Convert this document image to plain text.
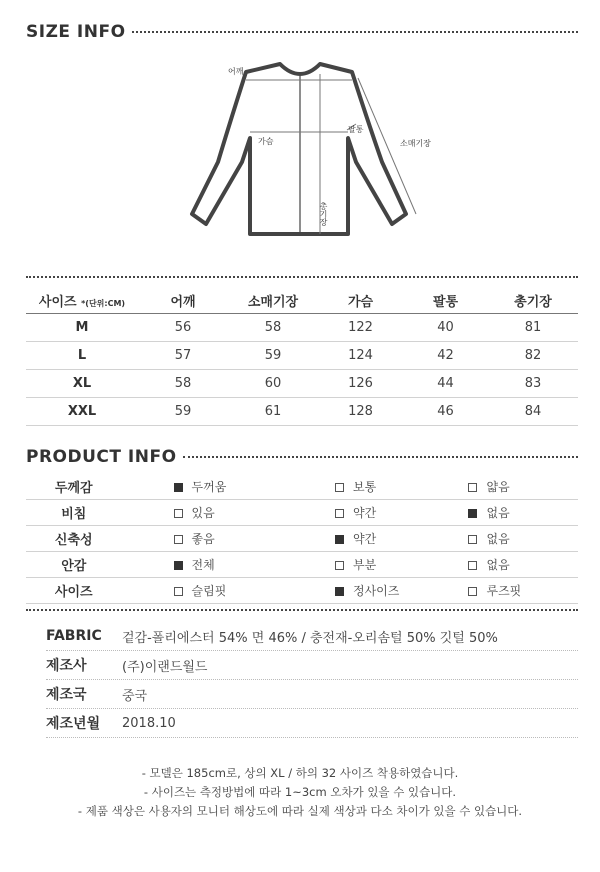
SIZE INFO
어깨
가슴
팔통
소매기장
총기장
사이즈 *(단위:CM)	어깨	소매기장	가슴	팔통	총기장
M	56	58	122	40	81
L	57	59	124	42	82
XL	58	60	126	44	83
XXL	59	61	128	46	84
PRODUCT INFO
두께감	두꺼움	보통	얇음
비침	있음	약간	없음
신축성	좋음	약간	없음
안감	전체	부분	없음
사이즈	슬림핏	정사이즈	루즈핏
FABRIC	겉감-폴리에스터 54% 면 46% / 충전재-오리솜털 50% 깃털 50%
제조사	(주)이랜드월드
제조국	중국
제조년월	2018.10
- 모델은 185cm로, 상의 XL / 하의 32 사이즈 착용하였습니다.
- 사이즈는 측정방법에 따라 1~3cm 오차가 있을 수 있습니다.
- 제품 색상은 사용자의 모니터 해상도에 따라 실제 색상과 다소 차이가 있을 수 있습니다.
